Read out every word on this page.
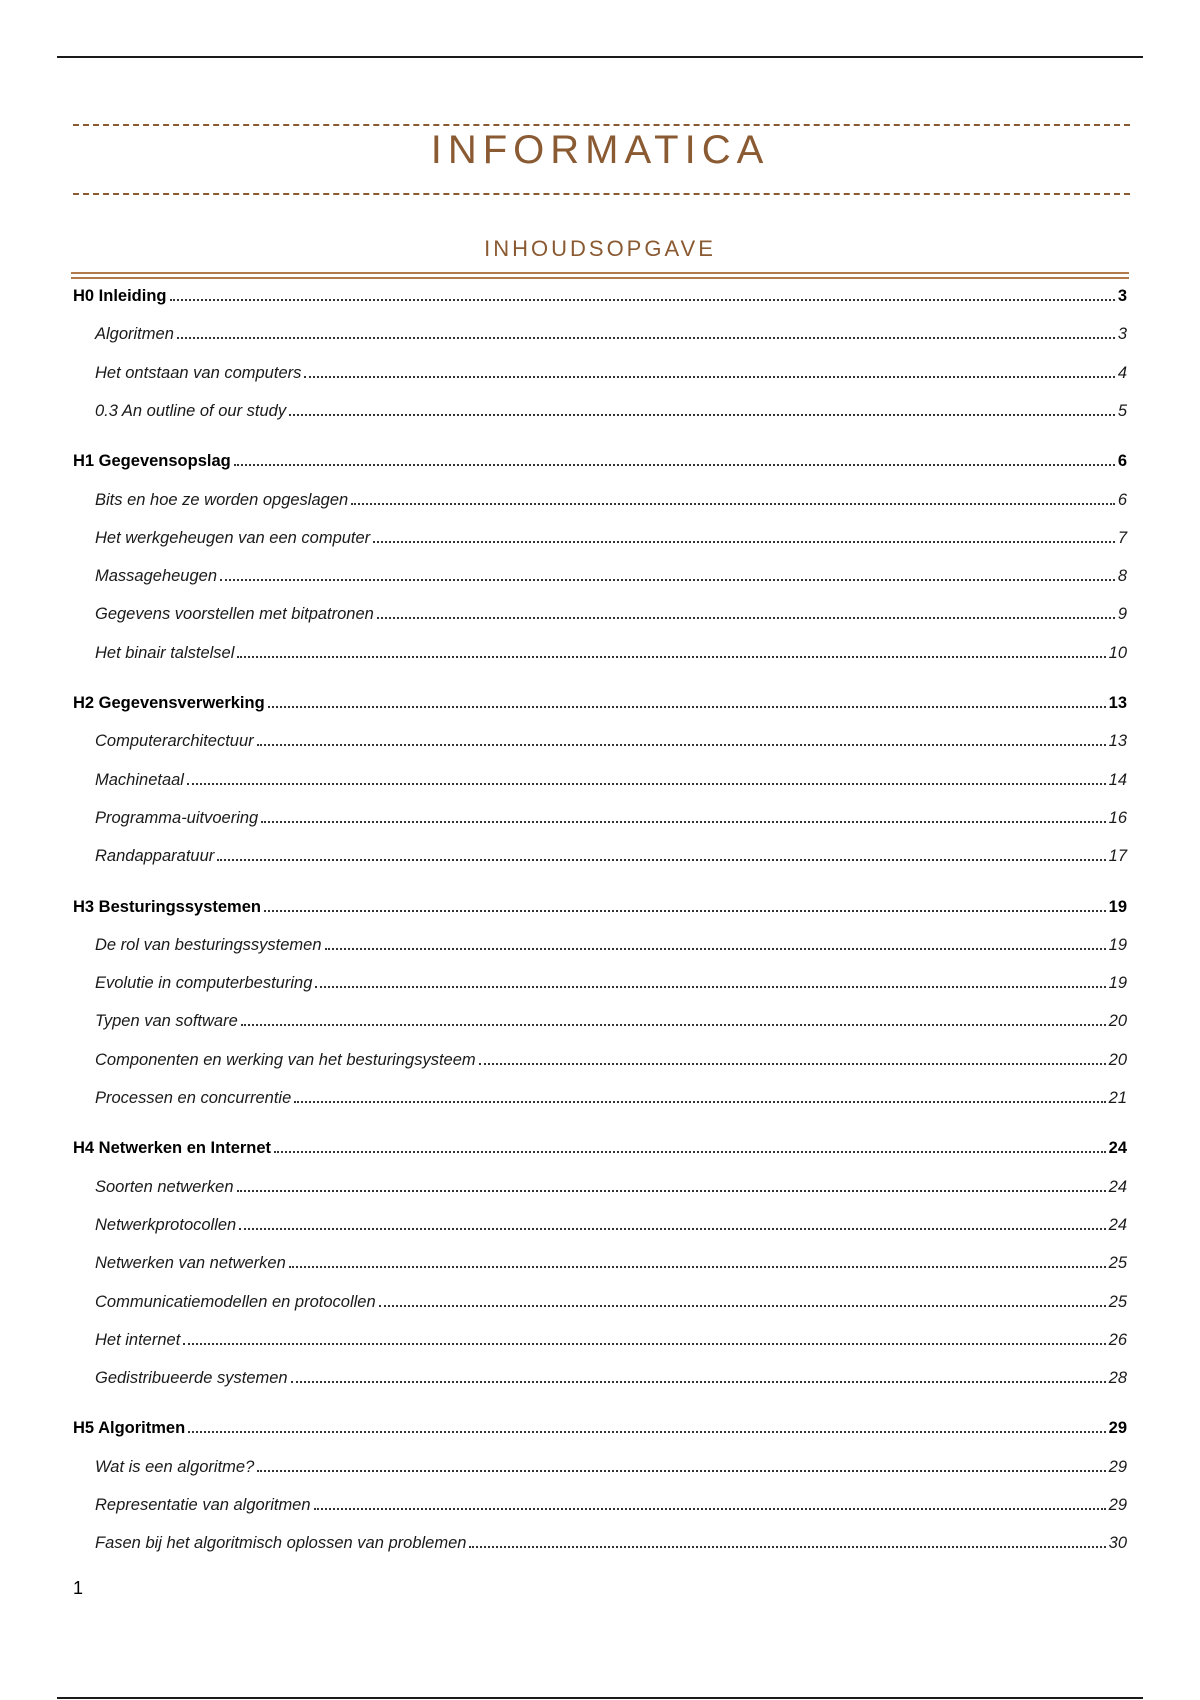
INFORMATICA
INHOUDSOPGAVE
H0 Inleiding	3
Algoritmen	3
Het ontstaan van computers	4
0.3 An outline of our study	5
H1 Gegevensopslag	6
Bits en hoe ze worden opgeslagen	6
Het werkgeheugen van een computer	7
Massageheugen	8
Gegevens voorstellen met bitpatronen	9
Het binair talstelsel	10
H2 Gegevensverwerking	13
Computerarchitectuur	13
Machinetaal	14
Programma-uitvoering	16
Randapparatuur	17
H3 Besturingssystemen	19
De rol van besturingssystemen	19
Evolutie in computerbesturing	19
Typen van software	20
Componenten en werking van het besturingsysteem	20
Processen en concurrentie	21
H4 Netwerken en Internet	24
Soorten netwerken	24
Netwerkprotocollen	24
Netwerken van netwerken	25
Communicatiemodellen en protocollen	25
Het internet	26
Gedistribueerde systemen	28
H5 Algoritmen	29
Wat is een algoritme?	29
Representatie van algoritmen	29
Fasen bij het algoritmisch oplossen van problemen	30
1
